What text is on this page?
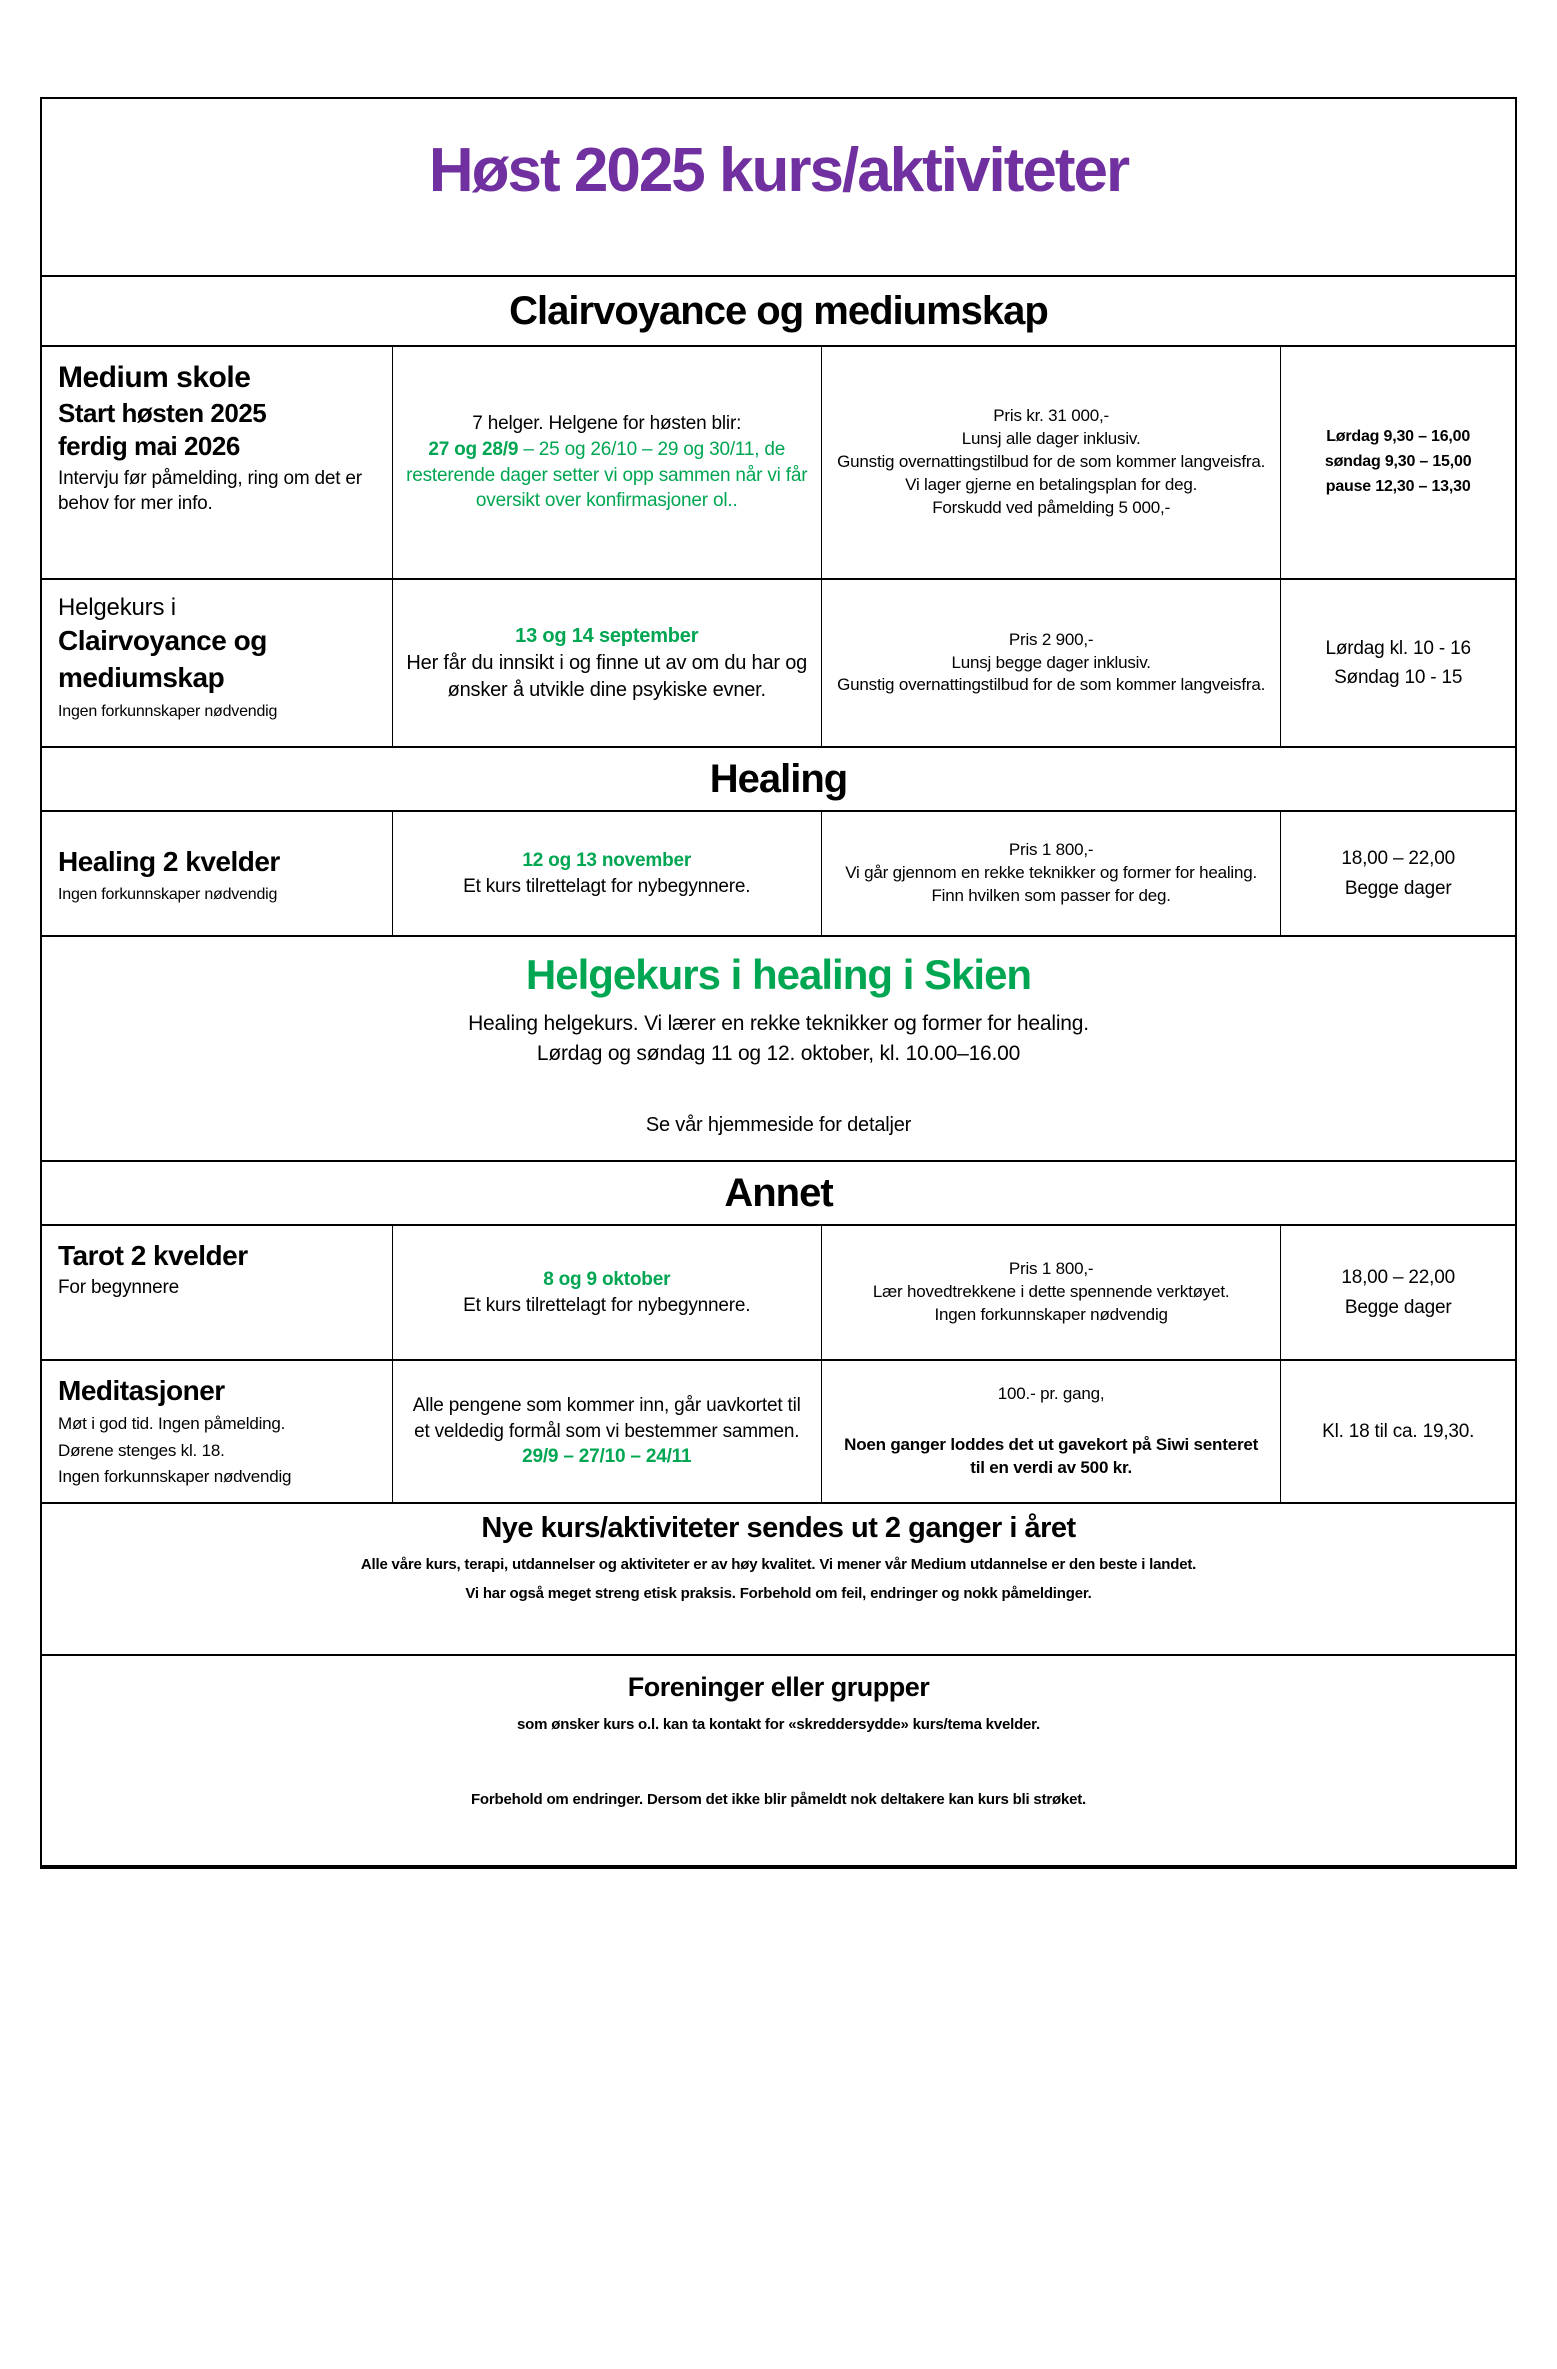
Høst 2025 kurs/aktiviteter
Clairvoyance og mediumskap
Medium skole
Start høsten 2025
ferdig mai 2026
Intervju før påmelding, ring om det er behov for mer info.
7 helger. Helgene for høsten blir:
27 og 28/9 – 25 og 26/10 – 29 og 30/11, de resterende dager setter vi opp sammen når vi får oversikt over konfirmasjoner ol..
Pris kr. 31 000,-
Lunsj alle dager inklusiv.
Gunstig overnattingstilbud for de som kommer langveisfra.
Vi lager gjerne en betalingsplan for deg.
Forskudd ved påmelding 5 000,-
Lørdag 9,30 – 16,00
søndag 9,30 – 15,00
pause 12,30 – 13,30
Helgekurs i
Clairvoyance og
mediumskap
Ingen forkunnskaper nødvendig
13 og 14 september
Her får du innsikt i og finne ut av om du har og ønsker å utvikle dine psykiske evner.
Pris 2 900,-
Lunsj begge dager inklusiv.
Gunstig overnattingstilbud for de som kommer langveisfra.
Lørdag kl. 10 - 16
Søndag 10 - 15
Healing
Healing 2 kvelder
Ingen forkunnskaper nødvendig
12 og 13 november
Et kurs tilrettelagt for nybegynnere.
Pris 1 800,-
Vi går gjennom en rekke teknikker og former for healing. Finn hvilken som passer for deg.
18,00 – 22,00
Begge dager
Helgekurs i healing i Skien
Healing helgekurs. Vi lærer en rekke teknikker og former for healing.
Lørdag og søndag 11 og 12. oktober, kl. 10.00–16.00
Se vår hjemmeside for detaljer
Annet
Tarot 2 kvelder
For begynnere	8 og 9 oktober
Et kurs tilrettelagt for nybegynnere.
Pris 1 800,-
Lær hovedtrekkene i dette spennende verktøyet.
Ingen forkunnskaper nødvendig
18,00 – 22,00
Begge dager
Meditasjoner
Møt i god tid. Ingen påmelding.
Dørene stenges kl. 18.
Ingen forkunnskaper nødvendig
Alle pengene som kommer inn, går uavkortet til et veldedig formål som vi bestemmer sammen.
29/9 – 27/10 – 24/11
100.- pr. gang,
Noen ganger loddes det ut gavekort på Siwi senteret til en verdi av 500 kr.
Kl. 18 til ca. 19,30.
Nye kurs/aktiviteter sendes ut 2 ganger i året
Alle våre kurs, terapi, utdannelser og aktiviteter er av høy kvalitet. Vi mener vår Medium utdannelse er den beste i landet.
Vi har også meget streng etisk praksis. Forbehold om feil, endringer og nokk påmeldinger.
Foreninger eller grupper
som ønsker kurs o.l. kan ta kontakt for «skreddersydde» kurs/tema kvelder.
Forbehold om endringer. Dersom det ikke blir påmeldt nok deltakere kan kurs bli strøket.
